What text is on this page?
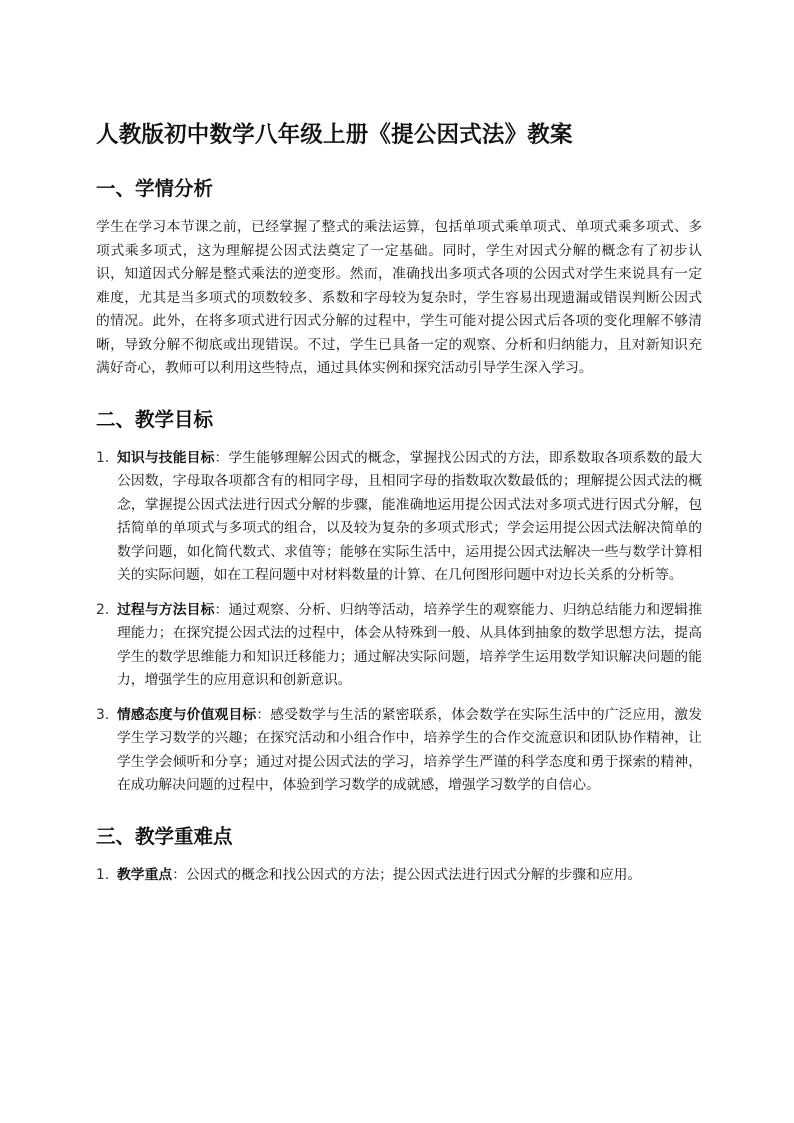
人教版初中数学八年级上册《提公因式法》教案
一、学情分析

学生在学习本节课之前，已经掌握了整式的乘法运算，包括单项式乘单项式、单项式乘多项式、多项式乘多项式，这为理解提公因式法奠定了一定基础。同时，学生对因式分解的概念有了初步认识，知道因式分解是整式乘法的逆变形。然而，准确找出多项式各项的公因式对学生来说具有一定难度，尤其是当多项式的项数较多、系数和字母较为复杂时，学生容易出现遗漏或错误判断公因式的情况。此外，在将多项式进行因式分解的过程中，学生可能对提公因式后各项的变化理解不够清晰，导致分解不彻底或出现错误。不过，学生已具备一定的观察、分析和归纳能力，且对新知识充满好奇心，教师可以利用这些特点，通过具体实例和探究活动引导学生深入学习。

二、教学目标
1. 知识与技能目标：学生能够理解公因式的概念，掌握找公因式的方法，即系数取各项系数的最大公因数，字母取各项都含有的相同字母，且相同字母的指数取次数最低的；理解提公因式法的概念，掌握提公因式法进行因式分解的步骤，能准确地运用提公因式法对多项式进行因式分解，包括简单的单项式与多项式的组合，以及较为复杂的多项式形式；学会运用提公因式法解决简单的数学问题，如化简代数式、求值等；能够在实际生活中，运用提公因式法解决一些与数学计算相关的实际问题，如在工程问题中对材料数量的计算、在几何图形问题中对边长关系的分析等。
2. 过程与方法目标：通过观察、分析、归纳等活动，培养学生的观察能力、归纳总结能力和逻辑推理能力；在探究提公因式法的过程中，体会从特殊到一般、从具体到抽象的数学思想方法，提高学生的数学思维能力和知识迁移能力；通过解决实际问题，培养学生运用数学知识解决问题的能力，增强学生的应用意识和创新意识。
3. 情感态度与价值观目标：感受数学与生活的紧密联系，体会数学在实际生活中的广泛应用，激发学生学习数学的兴趣；在探究活动和小组合作中，培养学生的合作交流意识和团队协作精神，让学生学会倾听和分享；通过对提公因式法的学习，培养学生严谨的科学态度和勇于探索的精神，在成功解决问题的过程中，体验到学习数学的成就感，增强学习数学的自信心。
三、教学重难点
1. 教学重点：公因式的概念和找公因式的方法；提公因式法进行因式分解的步骤和应用。
